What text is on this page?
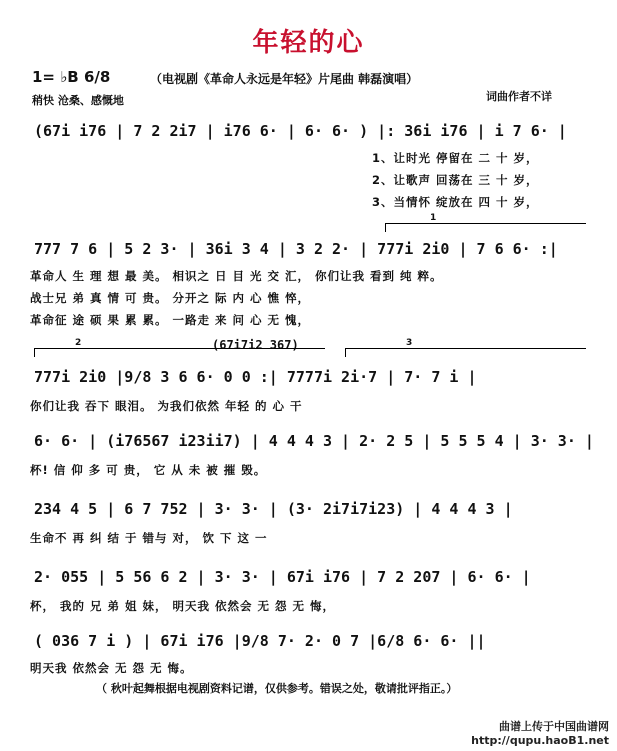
年轻的心
1= ♭B 6/8	（电视剧《革命人永远是年轻》片尾曲 韩磊演唱）
稍快 沧桑、感慨地	词曲作者不详
(67i i76 | 7 2 2i7 | i76 6· | 6· 6· ) |: 36i i76 | i 7 6· |
1、让时光 停留在 二 十 岁，
2、让歌声 回荡在 三 十 岁，
3、当情怀 绽放在 四 十 岁，
1
777 7 6 | 5 2 3· | 36i 3 4 | 3 2 2· | 777i 2i0 | 7 6 6· :|
革命人 生 理 想 最 美。 相识之 日 目 光 交 汇， 你们让我 看到 纯 粹。
战士兄 弟 真 情 可 贵。 分开之 际 内 心 憔 悴，
革命征 途 硕 果 累 累。 一路走 来 问 心 无 愧，
(67i7i2 367)
2	3
777i 2i0 |9/8 3 6 6· 0 0 :| 7777i 2i·7 | 7· 7 i |
你们让我 吞下 眼泪。 为我们依然 年轻 的 心 干
6· 6· | (i76567 i23ii7) | 4 4 4 3 | 2· 2 5 | 5 5 5 4 | 3· 3· |
杯! 信 仰 多 可 贵， 它 从 未 被 摧 毁。
234 4 5 | 6 7 752 | 3· 3· | (3· 2i7i7i23) | 4 4 4 3 |
生命不 再 纠 结 于 错与 对， 饮 下 这 一
2· 055 | 5 56 6 2 | 3· 3· | 67i i76 | 7 2 207 | 6· 6· |
杯， 我的 兄 弟 姐 妹， 明天我 依然会 无 怨 无 悔，
( 036 7 i ) | 67i i76 |9/8 7· 2· 0 7 |6/8 6· 6· ||
明天我 依然会 无 怨 无 悔。
（ 秋叶起舞根据电视剧资料记谱，仅供参考。错误之处，敬请批评指正。）
曲谱上传于中国曲谱网
http://qupu.haoB1.net
